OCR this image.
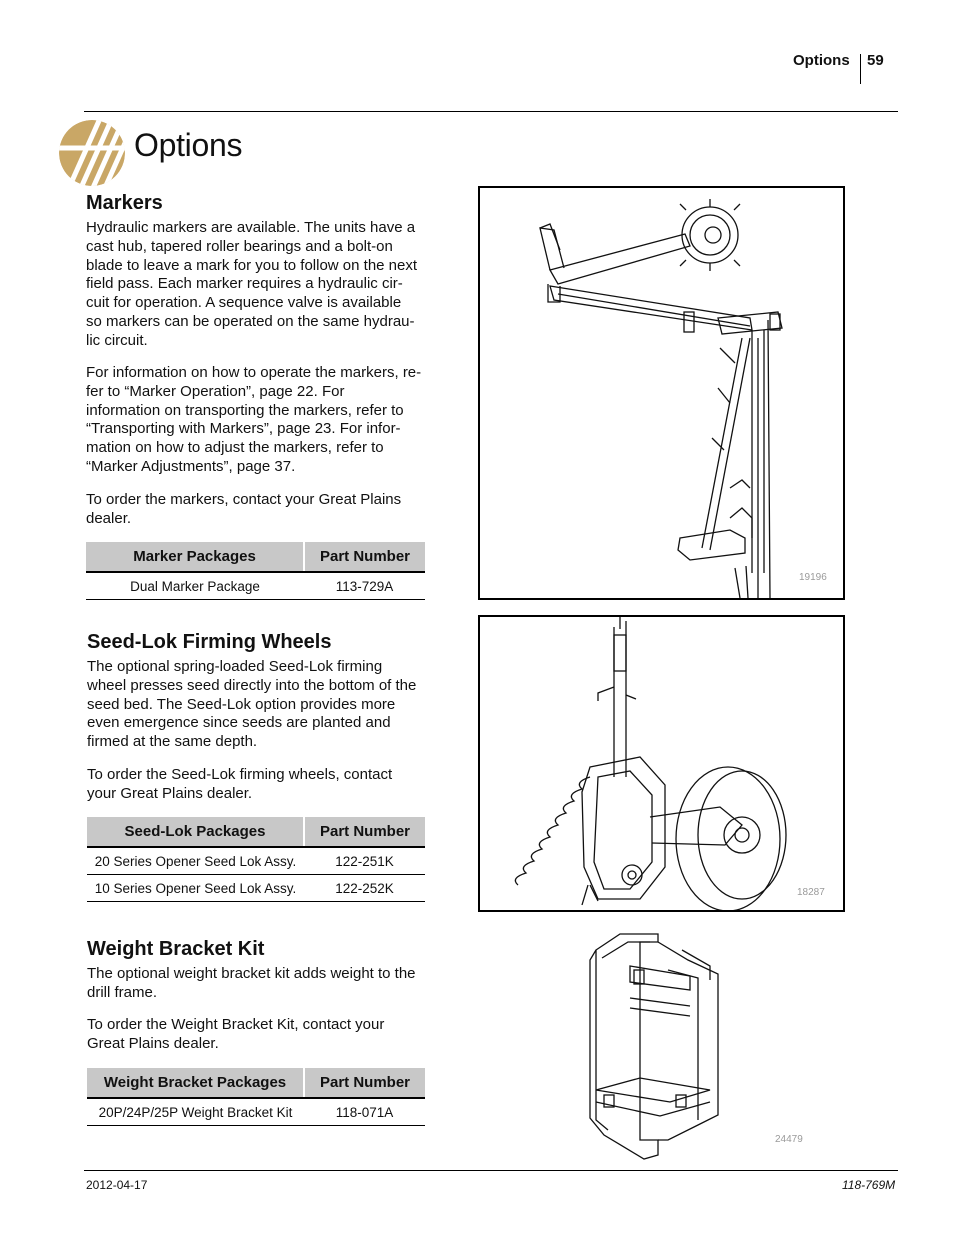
Options 59
Options
Markers
Hydraulic markers are available. The units have a
cast hub, tapered roller bearings and a bolt-on
blade to leave a mark for you to follow on the next
field pass. Each marker requires a hydraulic cir-
cuit for operation. A sequence valve is available
so markers can be operated on the same hydrau-
lic circuit.
For information on how to operate the markers, re-
fer to “Marker Operation”, page 22. For
information on transporting the markers, refer to
“Transporting with Markers”, page 23. For infor-
mation on how to adjust the markers, refer to
“Marker Adjustments”, page 37.
To order the markers, contact your Great Plains
dealer.
Marker Packages	Part Number
Dual Marker Package	113-729A
Seed-Lok Firming Wheels
The optional spring-loaded Seed-Lok firming
wheel presses seed directly into the bottom of the
seed bed. The Seed-Lok option provides more
even emergence since seeds are planted and
firmed at the same depth.
To order the Seed-Lok firming wheels, contact
your Great Plains dealer.
Seed-Lok Packages	Part Number
20 Series Opener Seed Lok Assy.	122-251K
10 Series Opener Seed Lok Assy.	122-252K
Weight Bracket Kit
The optional weight bracket kit adds weight to the
drill frame.
To order the Weight Bracket Kit, contact your
Great Plains dealer.
Weight Bracket Packages	Part Number
20P/24P/25P Weight Bracket Kit	118-071A
19196
18287
24479
2012-04-17	118-769M
